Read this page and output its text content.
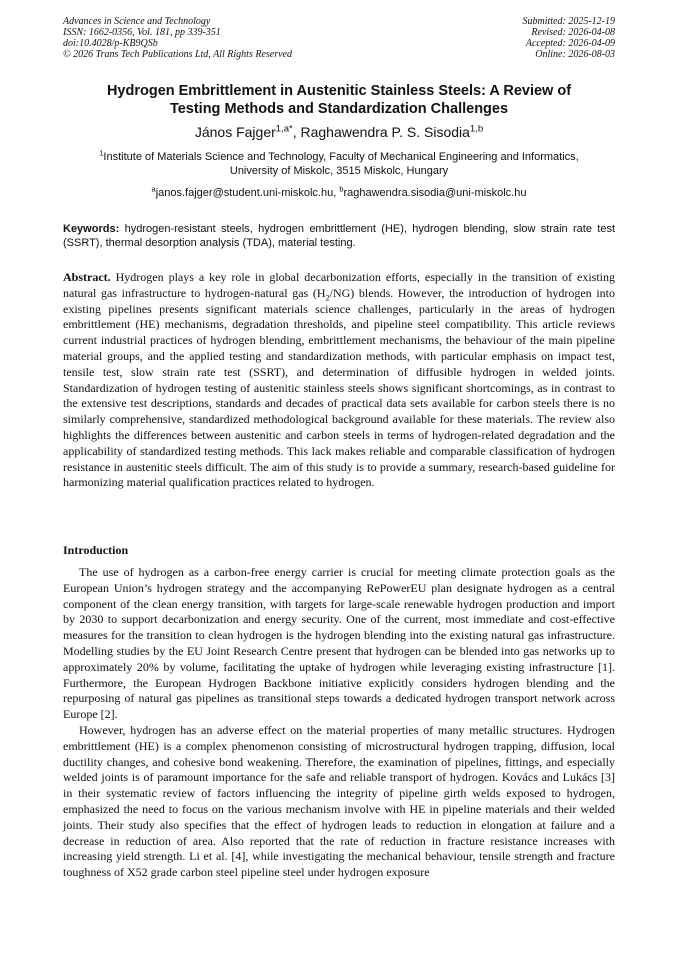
Advances in Science and Technology
ISSN: 1662-0356, Vol. 181, pp 339-351
doi:10.4028/p-KB9QSb
© 2026 Trans Tech Publications Ltd, All Rights Reserved
Submitted: 2025-12-19
Revised: 2026-04-08
Accepted: 2026-04-09
Online: 2026-08-03
Hydrogen Embrittlement in Austenitic Stainless Steels: A Review of
Testing Methods and Standardization Challenges
János Fajger$^{1,a*}$, Raghawendra P. S. Sisodia$^{1,b}$
$^1$Institute of Materials Science and Technology, Faculty of Mechanical Engineering and Informatics,
University of Miskolc, 3515 Miskolc, Hungary
$^a$janos.fajger@student.uni-miskolc.hu, $^b$raghawendra.sisodia@uni-miskolc.hu
Keywords: hydrogen-resistant steels, hydrogen embrittlement (HE), hydrogen blending, slow strain rate test (SSRT), thermal desorption analysis (TDA), material testing.
Abstract. Hydrogen plays a key role in global decarbonization efforts, especially in the transition of existing natural gas infrastructure to hydrogen-natural gas $(H_2/NG)$ blends. However, the introduction of hydrogen into existing pipelines presents significant materials science challenges, particularly in the areas of hydrogen embrittlement (HE) mechanisms, degradation thresholds, and pipeline steel compatibility. This article reviews current industrial practices of hydrogen blending, embrittlement mechanisms, the behaviour of the main pipeline material groups, and the applied testing and standardization methods, with particular emphasis on impact test, tensile test, slow strain rate test (SSRT), and determination of diffusible hydrogen in welded joints. Standardization of hydrogen testing of austenitic stainless steels shows significant shortcomings, as in contrast to the extensive test descriptions, standards and decades of practical data sets available for carbon steels there is no similarly comprehensive, standardized methodological background available for these materials. The review also highlights the differences between austenitic and carbon steels in terms of hydrogen-related degradation and the applicability of standardized testing methods. This lack makes reliable and comparable classification of hydrogen resistance in austenitic steels difficult. The aim of this study is to provide a summary, research-based guideline for harmonizing material qualification practices related to hydrogen.
Introduction

The use of hydrogen as a carbon-free energy carrier is crucial for meeting climate protection goals as the European Union’s hydrogen strategy and the accompanying RePowerEU plan designate hydrogen as a central component of the clean energy transition, with targets for large-scale renewable hydrogen production and import by 2030 to support decarbonization and energy security. One of the current, most immediate and cost-effective measures for the transition to clean hydrogen is the hydrogen blending into the existing natural gas infrastructure. Modelling studies by the EU Joint Research Centre present that hydrogen can be blended into gas networks up to approximately 20% by volume, facilitating the uptake of hydrogen while leveraging existing infrastructure [1]. Furthermore, the European Hydrogen Backbone initiative explicitly considers hydrogen blending and the repurposing of natural gas pipelines as transitional steps towards a dedicated hydrogen transport network across Europe [2].

However, hydrogen has an adverse effect on the material properties of many metallic structures. Hydrogen embrittlement (HE) is a complex phenomenon consisting of microstructural hydrogen trapping, diffusion, local ductility changes, and cohesive bond weakening. Therefore, the examination of pipelines, fittings, and especially welded joints is of paramount importance for the safe and reliable transport of hydrogen. Kovács and Lukács [3] in their systematic review of factors influencing the integrity of pipeline girth welds exposed to hydrogen, emphasized the need to focus on the various mechanism involve with HE in pipeline materials and their welded joints. Their study also specifies that the effect of hydrogen leads to reduction in elongation at failure and a decrease in reduction of area. Also reported that the rate of reduction in fracture resistance increases with increasing yield strength. Li et al. [4], while investigating the mechanical behaviour, tensile strength and fracture toughness of X52 grade carbon steel pipeline steel under hydrogen exposure
